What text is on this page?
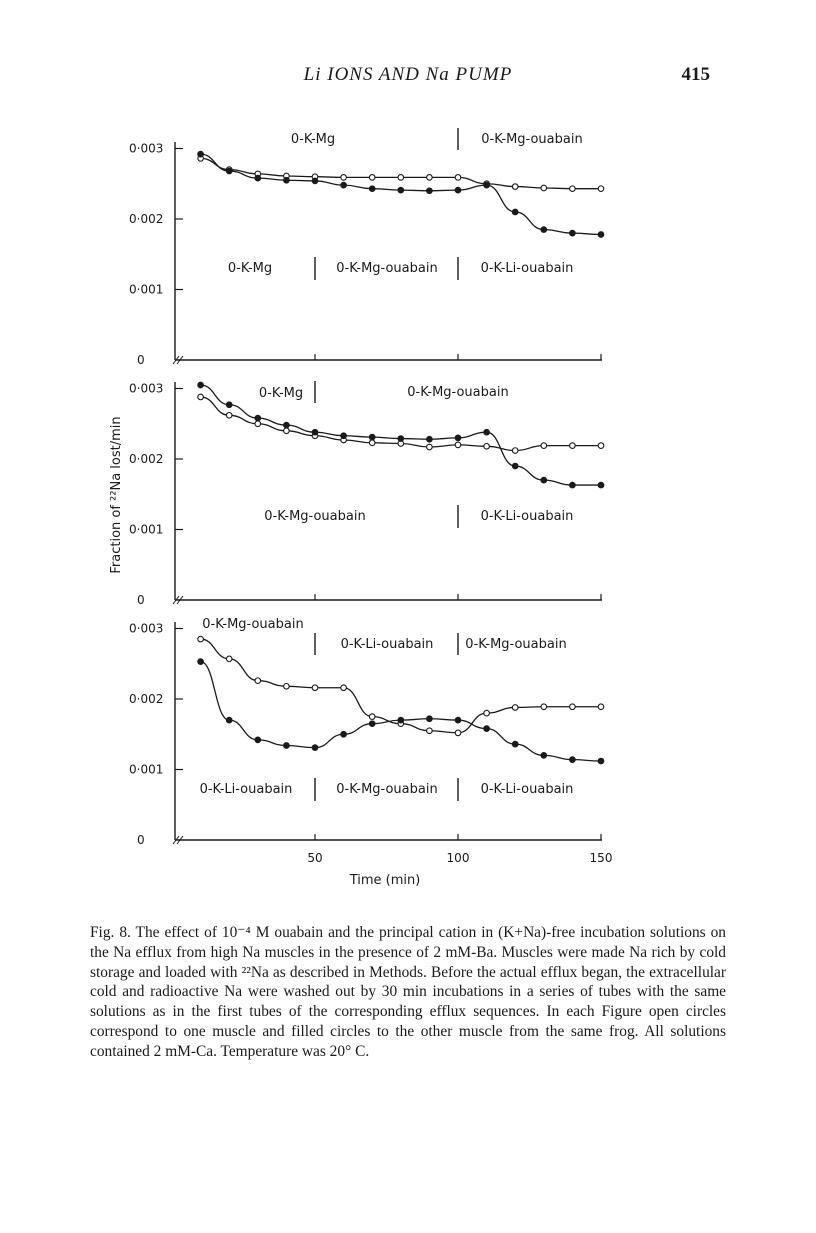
Li IONS AND Na PUMP	415
0
0·001
0·002
0·003
0-K-Mg	0-K-Mg-ouabain
0-K-Mg	0-K-Mg-ouabain	0-K-Li-ouabain
0
0·001
0·002
0·003	0-K-Mg	0-K-Mg-ouabain
0-K-Mg-ouabain	0-K-Li-ouabain
0
0·001
0·002
0·003	0-K-Mg-ouabain
0-K-Li-ouabain 0-K-Mg-ouabain
0-K-Li-ouabain	0-K-Mg-ouabain	0-K-Li-ouabain
50	100	150
Time (min)
Fraction of ²²Na lost/min

Fig. 8. The effect of 10⁻⁴ M ouabain and the principal cation in (K+Na)-free incubation solutions on the Na efflux from high Na muscles in the presence of 2 mM-Ba. Muscles were made Na rich by cold storage and loaded with ²²Na as described in Methods. Before the actual efflux began, the extracellular cold and radioactive Na were washed out by 30 min incubations in a series of tubes with the same solutions as in the first tubes of the corresponding efflux sequences. In each Figure open circles correspond to one muscle and filled circles to the other muscle from the same frog. All solutions contained 2 mM-Ca. Temperature was 20° C.
